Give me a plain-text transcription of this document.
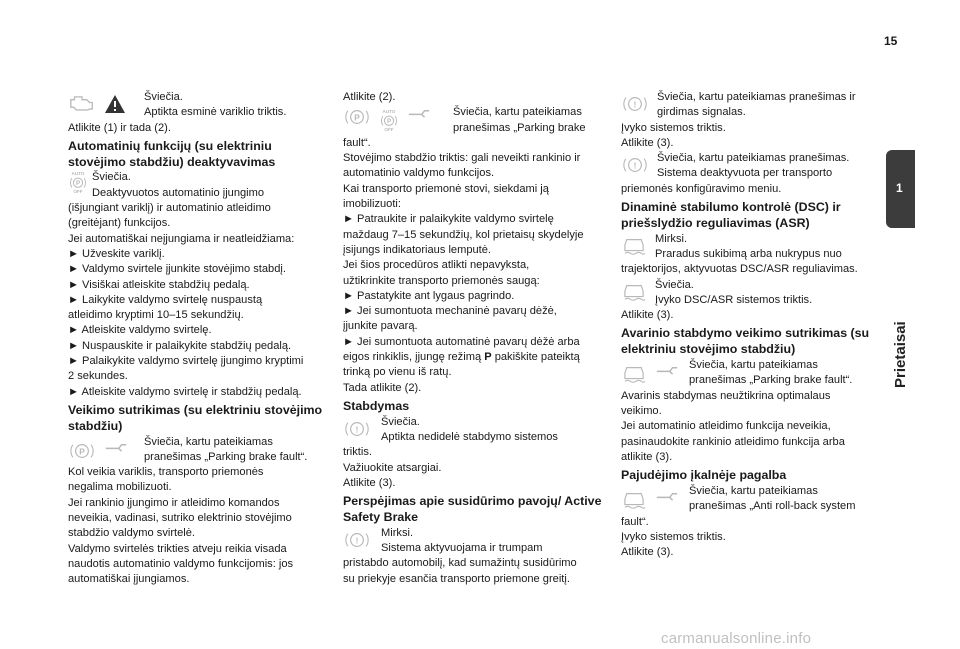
15
1
Prietaisai

Šviečia.

Aptikta esminė variklio triktis.

Atlikite (1) ir tada (2).

Automatinių funkcijų (su elektriniu stovėjimo stabdžiu) deaktyvavimas

Šviečia.

Deaktyvuotos automatinio įjungimo

(išjungiant variklį) ir automatinio atleidimo

(greitėjant) funkcijos.

Jei automatiškai neįjungiama ir neatleidžiama:

► Užveskite variklį.

► Valdymo svirtele įjunkite stovėjimo stabdį.

► Visiškai atleiskite stabdžių pedalą.

► Laikykite valdymo svirtelę nuspaustą

atleidimo kryptimi 10–15 sekundžių.

► Atleiskite valdymo svirtelę.

► Nuspauskite ir palaikykite stabdžių pedalą.

► Palaikykite valdymo svirtelę įjungimo kryptimi

2 sekundes.

► Atleiskite valdymo svirtelę ir stabdžių pedalą.

Veikimo sutrikimas (su elektriniu stovėjimo stabdžiu)

Šviečia, kartu pateikiamas

pranešimas „Parking brake fault“.

Kol veikia variklis, transporto priemonės

negalima mobilizuoti.

Jei rankinio įjungimo ir atleidimo komandos

neveikia, vadinasi, sutriko elektrinio stovėjimo

stabdžio valdymo svirtelė.

Valdymo svirtelės trikties atveju reikia visada

naudotis automatinio valdymo funkcijomis: jos

automatiškai įjungiamos.

Atlikite (2).

Šviečia, kartu pateikiamas

pranešimas „Parking brake

fault“.

Stovėjimo stabdžio triktis: gali neveikti rankinio ir

automatinio valdymo funkcijos.

Kai transporto priemonė stovi, siekdami ją

imobilizuoti:

► Patraukite ir palaikykite valdymo svirtelę

maždaug 7–15 sekundžių, kol prietaisų skydelyje

įsijungs indikatoriaus lemputė.

Jei šios procedūros atlikti nepavyksta,

užtikrinkite transporto priemonės saugą:

► Pastatykite ant lygaus pagrindo.

► Jei sumontuota mechaninė pavarų dėžė,

įjunkite pavarą.

► Jei sumontuota automatinė pavarų dėžė arba eigos rinkiklis, įjungę režimą P pakiškite pateiktą trinką po vienu iš ratų.

Tada atlikite (2).

Stabdymas

Šviečia.

Aptikta nedidelė stabdymo sistemos

triktis.

Važiuokite atsargiai.

Atlikite (3).

Perspėjimas apie susidūrimo pavojų/ Active Safety Brake

Mirksi.

Sistema aktyvuojama ir trumpam

pristabdo automobilį, kad sumažintų susidūrimo

su priekyje esančia transporto priemone greitį.

Šviečia, kartu pateikiamas pranešimas ir

girdimas signalas.

Įvyko sistemos triktis.

Atlikite (3).

Šviečia, kartu pateikiamas pranešimas.

Sistema deaktyvuota per transporto

priemonės konfigūravimo meniu.

Dinaminė stabilumo kontrolė (DSC) ir priešslydžio reguliavimas (ASR)

Mirksi.

Praradus sukibimą arba nukrypus nuo

trajektorijos, aktyvuotas DSC/ASR reguliavimas.

Šviečia.

Įvyko DSC/ASR sistemos triktis.

Atlikite (3).

Avarinio stabdymo veikimo sutrikimas (su elektriniu stovėjimo stabdžiu)

Šviečia, kartu pateikiamas

pranešimas „Parking brake fault“.

Avarinis stabdymas neužtikrina optimalaus

veikimo.

Jei automatinio atleidimo funkcija neveikia,

pasinaudokite rankinio atleidimo funkcija arba

atlikite (3).

Pajudėjimo įkalnėje pagalba

Šviečia, kartu pateikiamas

pranešimas „Anti roll-back system

fault“.

Įvyko sistemos triktis.

Atlikite (3).

carmanualsonline.info
